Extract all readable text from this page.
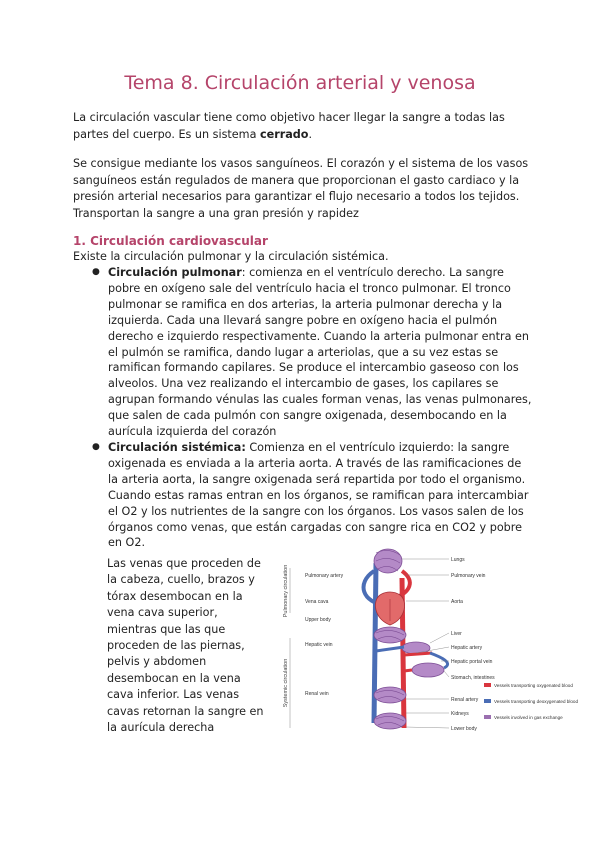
Tema 8. Circulación arterial y venosa

La circulación vascular tiene como objetivo hacer llegar la sangre a todas las partes del cuerpo. Es un sistema cerrado.

Se consigue mediante los vasos sanguíneos. El corazón y el sistema de los vasos sanguíneos están regulados de manera que proporcionan el gasto cardiaco y la presión arterial necesarios para garantizar el flujo necesario a todos los tejidos. Transportan la sangre a una gran presión y rapidez

1. Circulación cardiovascular

Existe la circulación pulmonar y la circulación sistémica.

● Circulación pulmonar: comienza en el ventrículo derecho. La sangre pobre en oxígeno sale del ventrículo hacia el tronco pulmonar. El tronco pulmonar se ramifica en dos arterias, la arteria pulmonar derecha y la izquierda. Cada una llevará sangre pobre en oxígeno hacia el pulmón derecho e izquierdo respectivamente. Cuando la arteria pulmonar entra en el pulmón se ramifica, dando lugar a arteriolas, que a su vez estas se ramifican formando capilares. Se produce el intercambio gaseoso con los alveolos. Una vez realizando el intercambio de gases, los capilares se agrupan formando vénulas las cuales forman venas, las venas pulmonares, que salen de cada pulmón con sangre oxigenada, desembocando en la aurícula izquierda del corazón
● Circulación sistémica: Comienza en el ventrículo izquierdo: la sangre oxigenada es enviada a la arteria aorta. A través de las ramificaciones de la arteria aorta, la sangre oxigenada será repartida por todo el organismo. Cuando estas ramas entran en los órganos, se ramifican para intercambiar el O2 y los nutrientes de la sangre con los órganos. Los vasos salen de los órganos como venas, que están cargadas con sangre rica en CO2 y pobre en O2.

Las venas que proceden de la cabeza, cuello, brazos y tórax desembocan en la vena cava superior, mientras que las que proceden de las piernas, pelvis y abdomen desembocan en la vena cava inferior. Las venas cavas retornan la sangre en la aurícula derecha

Pulmonary circulation
Systemic circulation
Pulmonary artery
Vena cava
Upper body
Hepatic vein
Renal vein
Lungs
Pulmonary vein
Aorta
Liver
Hepatic artery
Hepatic portal vein
Stomach, intestines
Renal artery
Kidneys
Lower body
Vessels transporting oxygenated blood
Vessels transporting deoxygenated blood
Vessels involved in gas exchange
